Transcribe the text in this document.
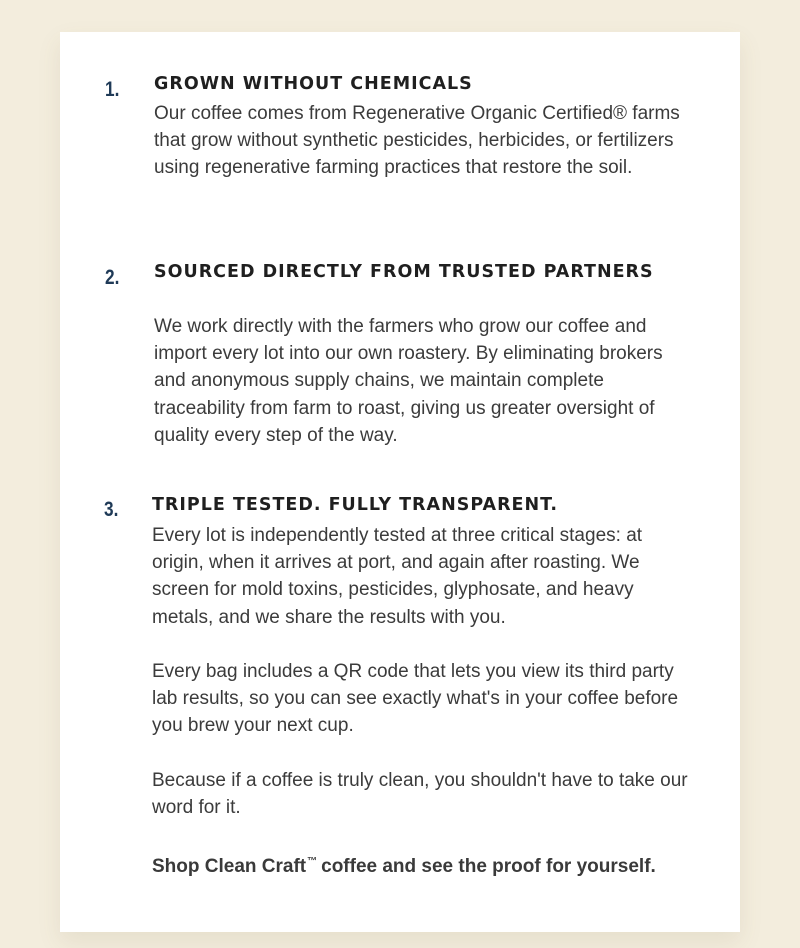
1. GROWN WITHOUT CHEMICALS

Our coffee comes from Regenerative Organic Certified® farms that grow without synthetic pesticides, herbicides, or fertilizers using regenerative farming practices that restore the soil.

2. SOURCED DIRECTLY FROM TRUSTED PARTNERS

We work directly with the farmers who grow our coffee and import every lot into our own roastery. By eliminating brokers and anonymous supply chains, we maintain complete traceability from farm to roast, giving us greater oversight of quality every step of the way.

3. TRIPLE TESTED. FULLY TRANSPARENT.

Every lot is independently tested at three critical stages: at origin, when it arrives at port, and again after roasting. We screen for mold toxins, pesticides, glyphosate, and heavy metals, and we share the results with you.

Every bag includes a QR code that lets you view its third party lab results, so you can see exactly what's in your coffee before you brew your next cup.

Because if a coffee is truly clean, you shouldn't have to take our word for it.

Shop Clean Craft™ coffee and see the proof for yourself.
